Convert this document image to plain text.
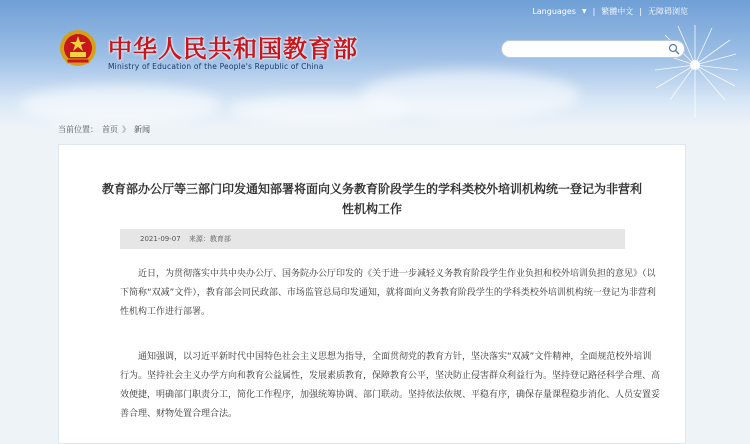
Languages ▼ | 繁體中文 | 无障碍浏览
中华人民共和国教育部
Ministry of Education of the People's Republic of China
当前位置： 首页 》 新闻
教育部办公厅等三部门印发通知部署将面向义务教育阶段学生的学科类校外培训机构统一登记为非营利性机构工作
2021-09-07 来源：教育部
近日，为贯彻落实中共中央办公厅、国务院办公厅印发的《关于进一步减轻义务教育阶段学生作业负担和校外培训负担的意见》（以下简称“双减”文件），教育部会同民政部、市场监管总局印发通知，就将面向义务教育阶段学生的学科类校外培训机构统一登记为非营利性机构工作进行部署。
通知强调，以习近平新时代中国特色社会主义思想为指导，全面贯彻党的教育方针，坚决落实“双减”文件精神，全面规范校外培训行为。坚持社会主义办学方向和教育公益属性，发展素质教育，保障教育公平，坚决防止侵害群众利益行为。坚持登记路径科学合理、高效便捷，明确部门职责分工，简化工作程序，加强统筹协调、部门联动。坚持依法依规、平稳有序，确保存量课程稳步消化、人员安置妥善合理、财物处置合理合法。
